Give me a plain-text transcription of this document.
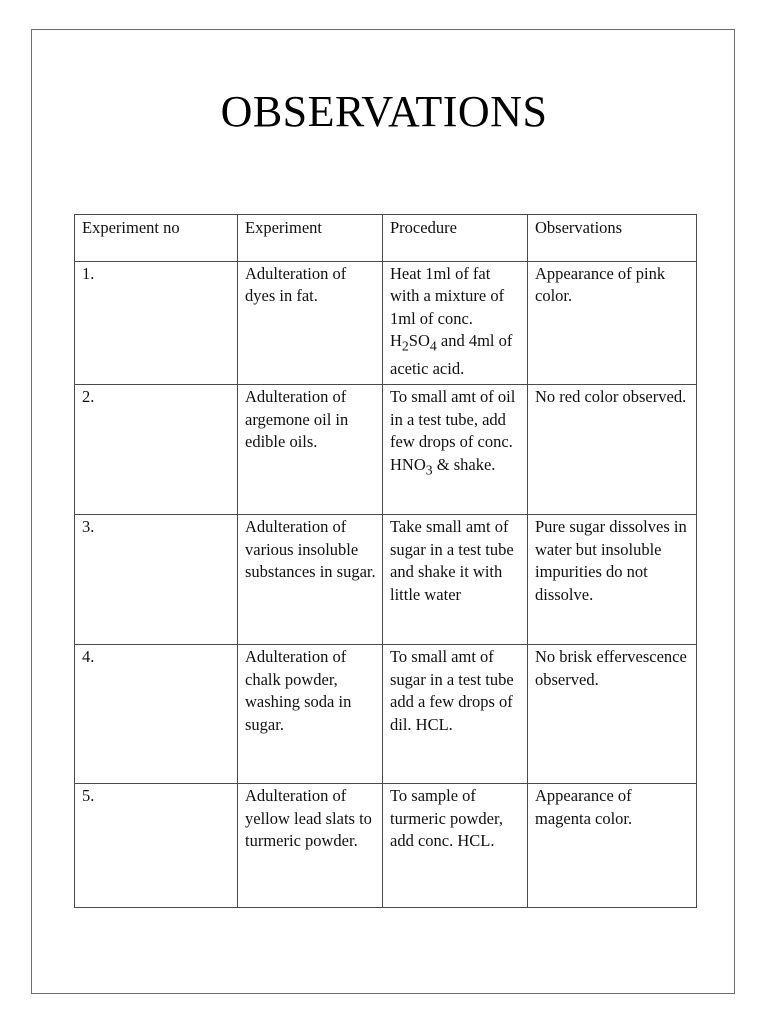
OBSERVATIONS
Experiment no	Experiment	Procedure	Observations
1.	Adulteration of dyes in fat.	Heat 1ml of fat with a mixture of 1ml of conc. $H_2SO_4$ and 4ml of acetic acid.	Appearance of pink color.
2.	Adulteration of argemone oil in edible oils.	To small amt of oil in a test tube, add few drops of conc. $HNO_3$ & shake.	No red color observed.
3.	Adulteration of various insoluble substances in sugar.	Take small amt of sugar in a test tube and shake it with little water	Pure sugar dissolves in water but insoluble impurities do not dissolve.
4.	Adulteration of chalk powder, washing soda in sugar.	To small amt of sugar in a test tube add a few drops of dil. HCL.	No brisk effervescence observed.
5.	Adulteration of yellow lead slats to turmeric powder.	To sample of turmeric powder, add conc. HCL.	Appearance of magenta color.
